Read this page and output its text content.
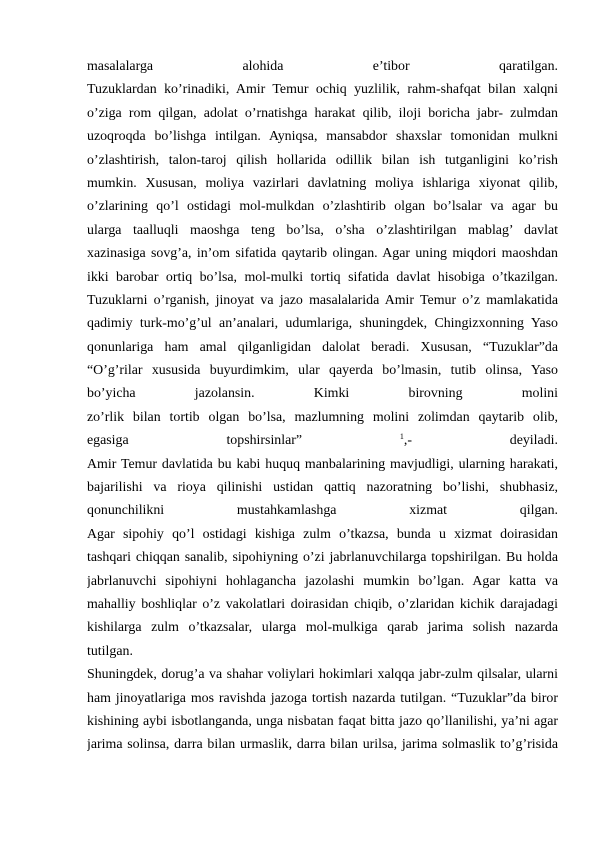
masalalarga alohida e’tibor qaratilgan.
Tuzuklardan ko’rinadiki, Amir Temur ochiq yuzlilik, rahm-shafqat bilan xalqni
o’ziga rom qilgan, adolat o’rnatishga harakat qilib, iloji boricha jabr- zulmdan
uzoqroqda bo’lishga intilgan. Ayniqsa, mansabdor shaxslar tomonidan mulkni
o’zlashtirish, talon-taroj qilish hollarida odillik bilan ish tutganligini ko’rish
mumkin. Xususan, moliya vazirlari davlatning moliya ishlariga xiyonat qilib,
o’zlarining qo’l ostidagi mol-mulkdan o’zlashtirib olgan bo’lsalar va agar bu
ularga taalluqli maoshga teng bo’lsa, o’sha o’zlashtirilgan mablag’ davlat
xazinasiga sovg’a, in’om sifatida qaytarib olingan. Agar uning miqdori maoshdan
ikki barobar ortiq bo’lsa, mol-mulki tortiq sifatida davlat hisobiga o’tkazilgan.
Tuzuklarni o’rganish, jinoyat va jazo masalalarida Amir Temur o’z mamlakatida
qadimiy turk-mo’g’ul an’analari, udumlariga, shuningdek, Chingizxonning Yaso
qonunlariga ham amal qilganligidan dalolat beradi. Xususan, “Tuzuklar”da
“O’g’rilar xususida buyurdimkim, ular qayerda bo’lmasin, tutib olinsa, Yaso
bo’yicha jazolansin. Kimki birovning molini
zo’rlik bilan tortib olgan bo’lsa, mazlumning molini zolimdan qaytarib olib,
egasiga topshirsinlar”	$^1$,- deyiladi.
Amir Temur davlatida bu kabi huquq manbalarining mavjudligi, ularning harakati,
bajarilishi va rioya qilinishi ustidan qattiq nazoratning bo’lishi, shubhasiz,
qonunchilikni mustahkamlashga xizmat qilgan.
Agar sipohiy qo’l ostidagi kishiga zulm o’tkazsa, bunda u xizmat doirasidan
tashqari chiqqan sanalib, sipohiyning o’zi jabrlanuvchilarga topshirilgan. Bu holda
jabrlanuvchi sipohiyni hohlagancha jazolashi mumkin bo’lgan. Agar katta va
mahalliy boshliqlar o’z vakolatlari doirasidan chiqib, o’zlaridan kichik darajadagi
kishilarga zulm o’tkazsalar, ularga mol-mulkiga qarab jarima solish nazarda
tutilgan.
Shuningdek, dorug’a va shahar voliylari hokimlari xalqqa jabr-zulm qilsalar, ularni
ham jinoyatlariga mos ravishda jazoga tortish nazarda tutilgan. “Tuzuklar”da biror
kishining aybi isbotlanganda, unga nisbatan faqat bitta jazo qo’llanilishi, ya’ni agar
jarima solinsa, darra bilan urmaslik, darra bilan urilsa, jarima solmaslik to’g’risida
